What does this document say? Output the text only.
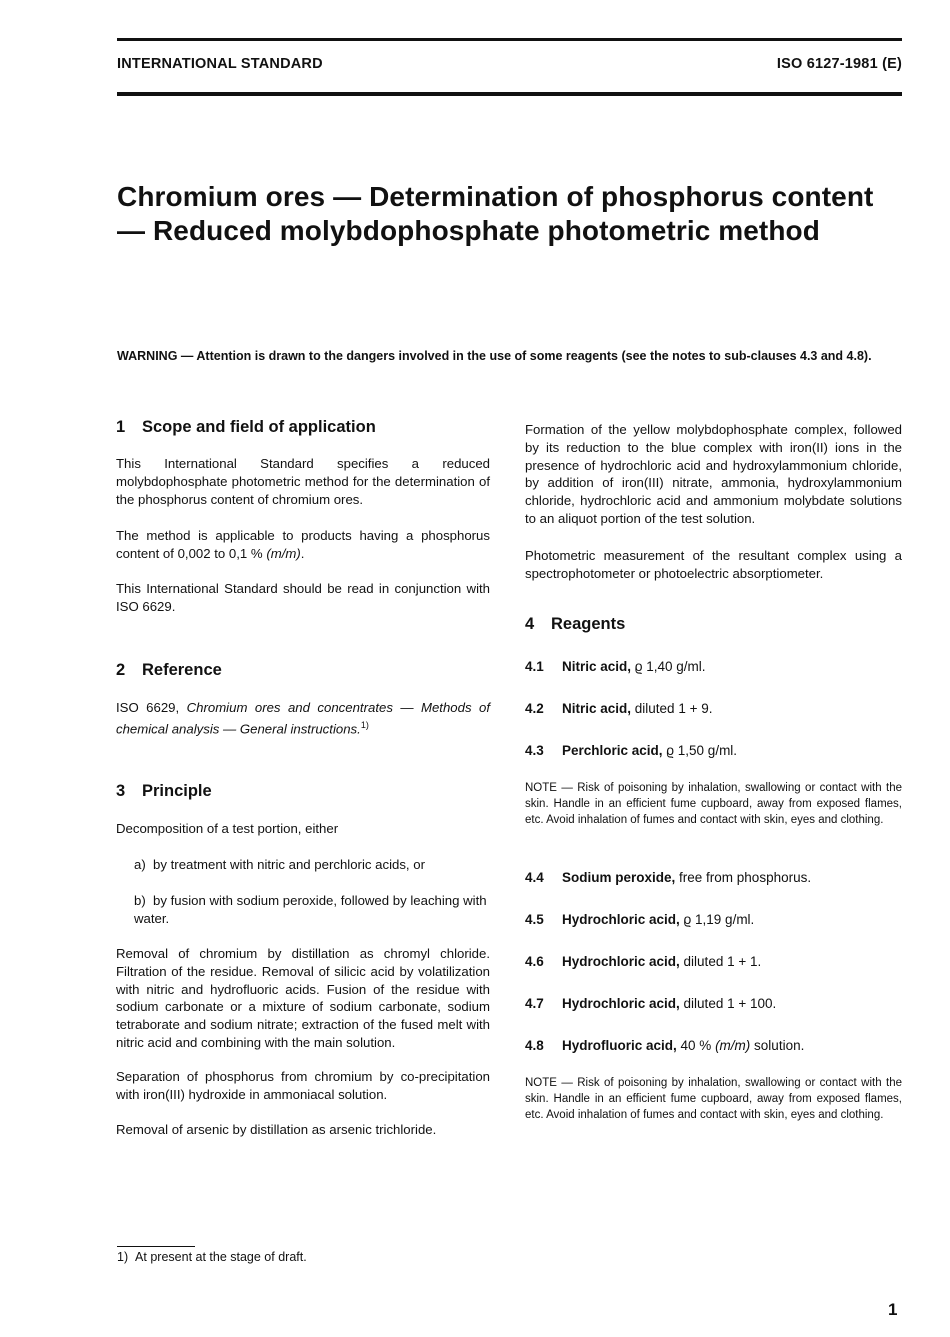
INTERNATIONAL STANDARD	ISO 6127-1981 (E)
Chromium ores — Determination of phosphorus content — Reduced molybdophosphate photometric method
WARNING — Attention is drawn to the dangers involved in the use of some reagents (see the notes to sub-clauses 4.3 and 4.8).
1 Scope and field of application
This International Standard specifies a reduced molybdophosphate photometric method for the determination of the phosphorus content of chromium ores.
The method is applicable to products having a phosphorus content of 0,002 to 0,1 % (m/m).
This International Standard should be read in conjunction with ISO 6629.
2 Reference
ISO 6629, Chromium ores and concentrates — Methods of chemical analysis — General instructions.$^{1)}$
3 Principle
Decomposition of a test portion, either
a)  by treatment with nitric and perchloric acids, or
b)  by fusion with sodium peroxide, followed by leaching with water.
Removal of chromium by distillation as chromyl chloride. Filtration of the residue. Removal of silicic acid by volatilization with nitric and hydrofluoric acids. Fusion of the residue with sodium carbonate or a mixture of sodium carbonate, sodium tetraborate and sodium nitrate; extraction of the fused melt with nitric acid and combining with the main solution.
Separation of phosphorus from chromium by co-precipitation with iron(III) hydroxide in ammoniacal solution.
Removal of arsenic by distillation as arsenic trichloride.
Formation of the yellow molybdophosphate complex, followed by its reduction to the blue complex with iron(II) ions in the presence of hydrochloric acid and hydroxylammonium chloride, by addition of iron(III) nitrate, ammonia, hydroxylammonium chloride, hydrochloric acid and ammonium molybdate solutions to an aliquot portion of the test solution.
Photometric measurement of the resultant complex using a spectrophotometer or photoelectric absorptiometer.
4 Reagents
4.1 Nitric acid, ϱ 1,40 g/ml.
4.2 Nitric acid, diluted 1 + 9.
4.3 Perchloric acid, ϱ 1,50 g/ml.
NOTE — Risk of poisoning by inhalation, swallowing or contact with the skin. Handle in an efficient fume cupboard, away from exposed flames, etc. Avoid inhalation of fumes and contact with skin, eyes and clothing.
4.4 Sodium peroxide, free from phosphorus.
4.5 Hydrochloric acid, ϱ 1,19 g/ml.
4.6 Hydrochloric acid, diluted 1 + 1.
4.7 Hydrochloric acid, diluted 1 + 100.
4.8 Hydrofluoric acid, 40 % (m/m) solution.
NOTE — Risk of poisoning by inhalation, swallowing or contact with the skin. Handle in an efficient fume cupboard, away from exposed flames, etc. Avoid inhalation of fumes and contact with skin, eyes and clothing.
1)  At present at the stage of draft.
1
